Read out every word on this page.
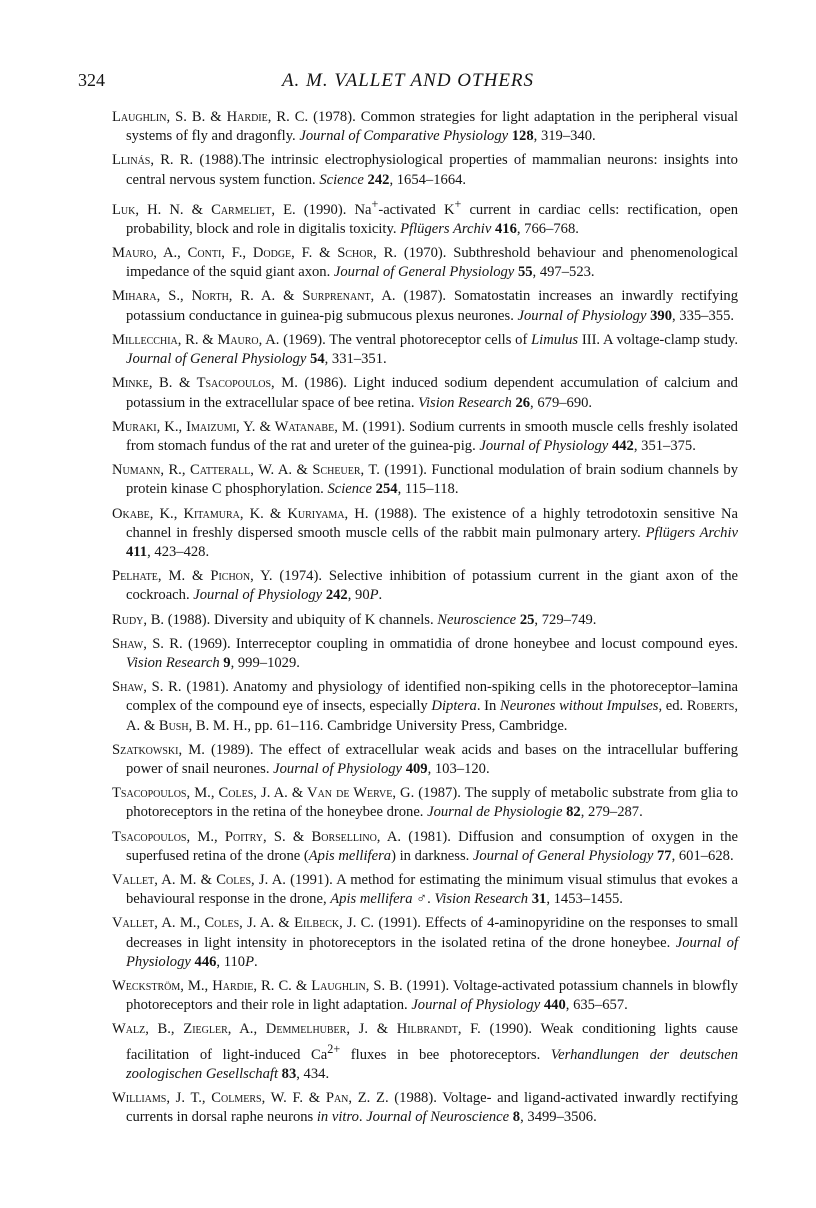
324	A. M. VALLET AND OTHERS

Laughlin, S. B. & Hardie, R. C. (1978). Common strategies for light adaptation in the peripheral visual systems of fly and dragonfly. Journal of Comparative Physiology 128, 319–340.

Llinás, R. R. (1988).The intrinsic electrophysiological properties of mammalian neurons: insights into central nervous system function. Science 242, 1654–1664.

Luk, H. N. & Carmeliet, E. (1990). Na+-activated K+ current in cardiac cells: rectification, open probability, block and role in digitalis toxicity. Pflügers Archiv 416, 766–768.

Mauro, A., Conti, F., Dodge, F. & Schor, R. (1970). Subthreshold behaviour and phenomenological impedance of the squid giant axon. Journal of General Physiology 55, 497–523.

Mihara, S., North, R. A. & Surprenant, A. (1987). Somatostatin increases an inwardly rectifying potassium conductance in guinea-pig submucous plexus neurones. Journal of Physiology 390, 335–355.

Millecchia, R. & Mauro, A. (1969). The ventral photoreceptor cells of Limulus III. A voltage-clamp study. Journal of General Physiology 54, 331–351.

Minke, B. & Tsacopoulos, M. (1986). Light induced sodium dependent accumulation of calcium and potassium in the extracellular space of bee retina. Vision Research 26, 679–690.

Muraki, K., Imaizumi, Y. & Watanabe, M. (1991). Sodium currents in smooth muscle cells freshly isolated from stomach fundus of the rat and ureter of the guinea-pig. Journal of Physiology 442, 351–375.

Numann, R., Catterall, W. A. & Scheuer, T. (1991). Functional modulation of brain sodium channels by protein kinase C phosphorylation. Science 254, 115–118.

Okabe, K., Kitamura, K. & Kuriyama, H. (1988). The existence of a highly tetrodotoxin sensitive Na channel in freshly dispersed smooth muscle cells of the rabbit main pulmonary artery. Pflügers Archiv 411, 423–428.

Pelhate, M. & Pichon, Y. (1974). Selective inhibition of potassium current in the giant axon of the cockroach. Journal of Physiology 242, 90P.

Rudy, B. (1988). Diversity and ubiquity of K channels. Neuroscience 25, 729–749.

Shaw, S. R. (1969). Interreceptor coupling in ommatidia of drone honeybee and locust compound eyes. Vision Research 9, 999–1029.

Shaw, S. R. (1981). Anatomy and physiology of identified non-spiking cells in the photoreceptor–lamina complex of the compound eye of insects, especially Diptera. In Neurones without Impulses, ed. Roberts, A. & Bush, B. M. H., pp. 61–116. Cambridge University Press, Cambridge.

Szatkowski, M. (1989). The effect of extracellular weak acids and bases on the intracellular buffering power of snail neurones. Journal of Physiology 409, 103–120.

Tsacopoulos, M., Coles, J. A. & Van de Werve, G. (1987). The supply of metabolic substrate from glia to photoreceptors in the retina of the honeybee drone. Journal de Physiologie 82, 279–287.

Tsacopoulos, M., Poitry, S. & Borsellino, A. (1981). Diffusion and consumption of oxygen in the superfused retina of the drone (Apis mellifera) in darkness. Journal of General Physiology 77, 601–628.

Vallet, A. M. & Coles, J. A. (1991). A method for estimating the minimum visual stimulus that evokes a behavioural response in the drone, Apis mellifera ♂. Vision Research 31, 1453–1455.

Vallet, A. M., Coles, J. A. & Eilbeck, J. C. (1991). Effects of 4-aminopyridine on the responses to small decreases in light intensity in photoreceptors in the isolated retina of the drone honeybee. Journal of Physiology 446, 110P.

Weckström, M., Hardie, R. C. & Laughlin, S. B. (1991). Voltage-activated potassium channels in blowfly photoreceptors and their role in light adaptation. Journal of Physiology 440, 635–657.

Walz, B., Ziegler, A., Demmelhuber, J. & Hilbrandt, F. (1990). Weak conditioning lights cause facilitation of light-induced $Ca^{2+}$ fluxes in bee photoreceptors. Verhandlungen der deutschen zoologischen Gesellschaft 83, 434.

Williams, J. T., Colmers, W. F. & Pan, Z. Z. (1988). Voltage- and ligand-activated inwardly rectifying currents in dorsal raphe neurons in vitro. Journal of Neuroscience 8, 3499–3506.
